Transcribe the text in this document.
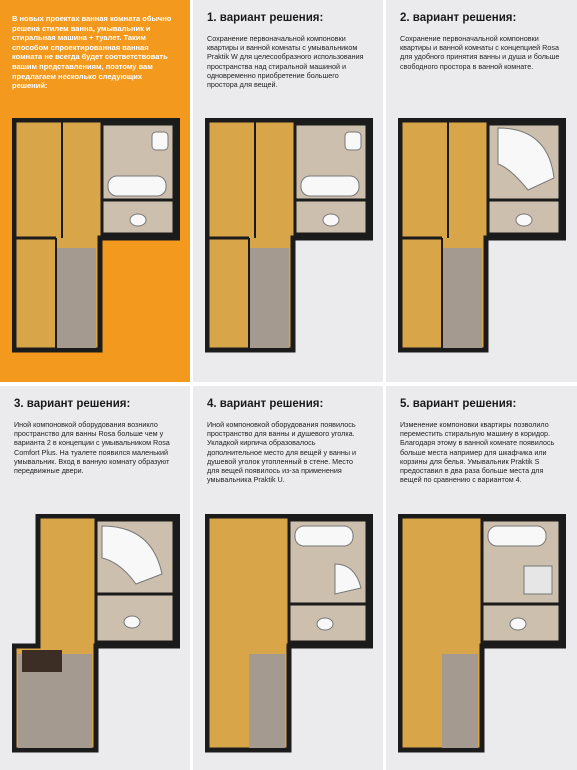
В новых проектах ванная комната обычно решена стилем ванна, умывальник и стиральная машина + туалет. Таким способом спроектированная ванная комната не всегда будет соответствовать вашим представлениям, поэтому вам предлагаем несколько следующих решений:
1. вариант решения:
Сохранение первоначальной компоновки квартиры и ванной комнаты с умывальником Praktik W для целесообразного использования пространства над стиральной машиной и одновременно приобретение большего простора для вещей.
2. вариант решения:
Сохранение первоначальной компоновки квартиры и ванной комнаты с концепцией Rosa для удобного принятия ванны и душа и больше свободного простора в ванной комнате.
3. вариант решения:
Иной компоновкой оборудования возникло пространство для ванны Rosa больше чем у варианта 2 в концепции с умывальником Rosa Comfort Plus. На туалете появился маленький умывальник. Вход в ванную комнату образуют передвижные двери.
4. вариант решения:
Иной компоновкой оборудования появилось пространство для ванны и душевого уголка. Укладкой кирпича образовалось дополнительное место для вещей у ванны и душевой уголок утопленный в стене. Место для вещей появилось из-за применения умывальника Praktik U.
5. вариант решения:
Изменение компоновки квартиры позволило переместить стиральную машину в коридор. Благодаря этому в ванной комнате появилось больше места например для шкафчика или корзины для белья. Умывальник Praktik S предоставил в два раза больше места для вещей по сравнению с вариантом 4.
